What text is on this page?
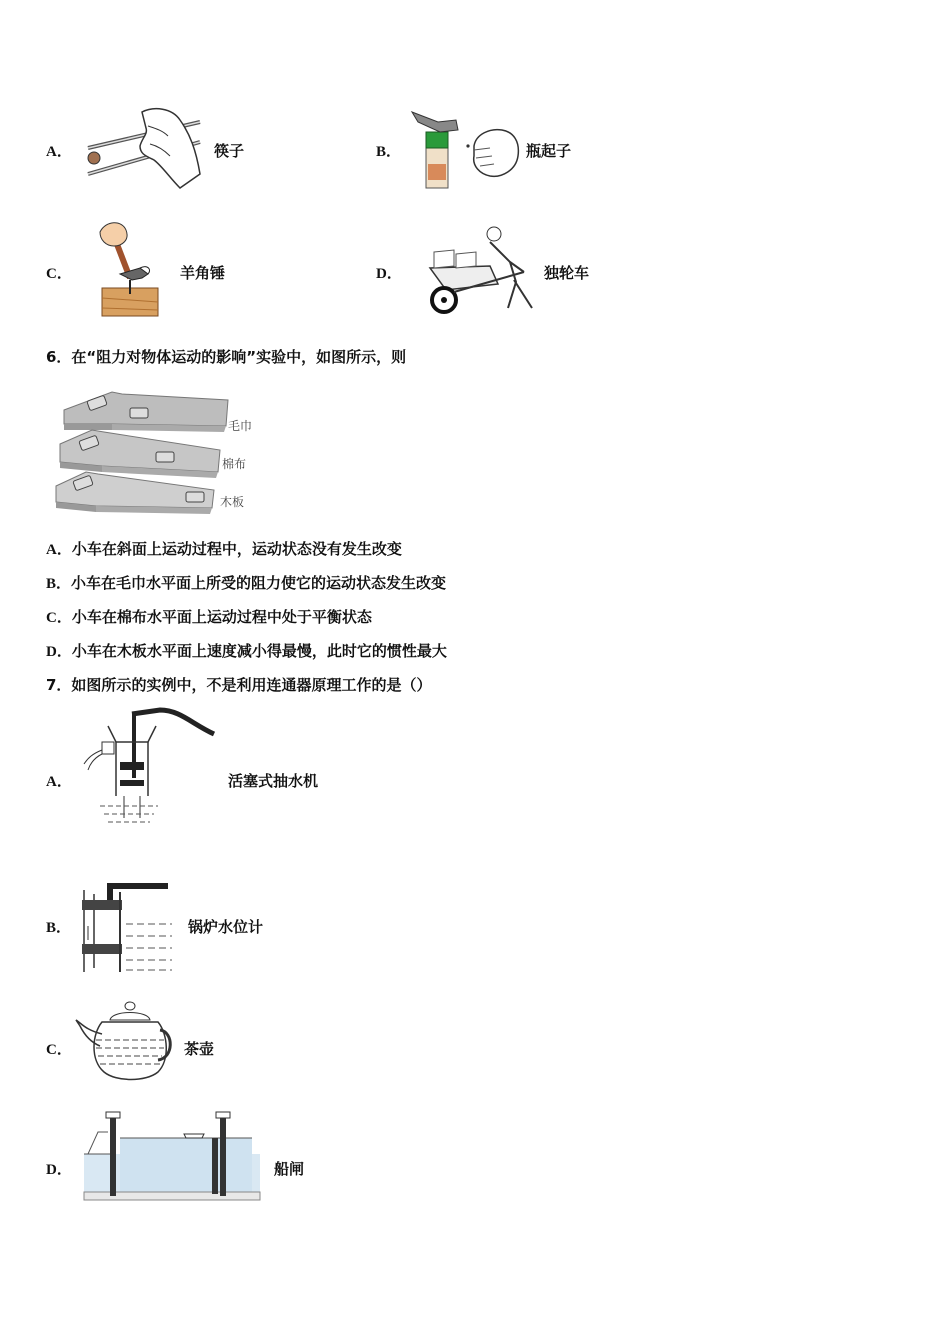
A．	筷子	B．	瓶起子
C．	羊角锤	D．	独轮车
6．在“阻力对物体运动的影响”实验中，如图所示，则
毛巾
棉布
木板
A．小车在斜面上运动过程中，运动状态没有发生改变
B．小车在毛巾水平面上所受的阻力使它的运动状态发生改变
C．小车在棉布水平面上运动过程中处于平衡状态
D．小车在木板水平面上速度减小得最慢，此时它的惯性最大
7．如图所示的实例中，不是利用连通器原理工作的是（）
A．	活塞式抽水机
B．	锅炉水位计
C．	茶壶
D．	船闸
